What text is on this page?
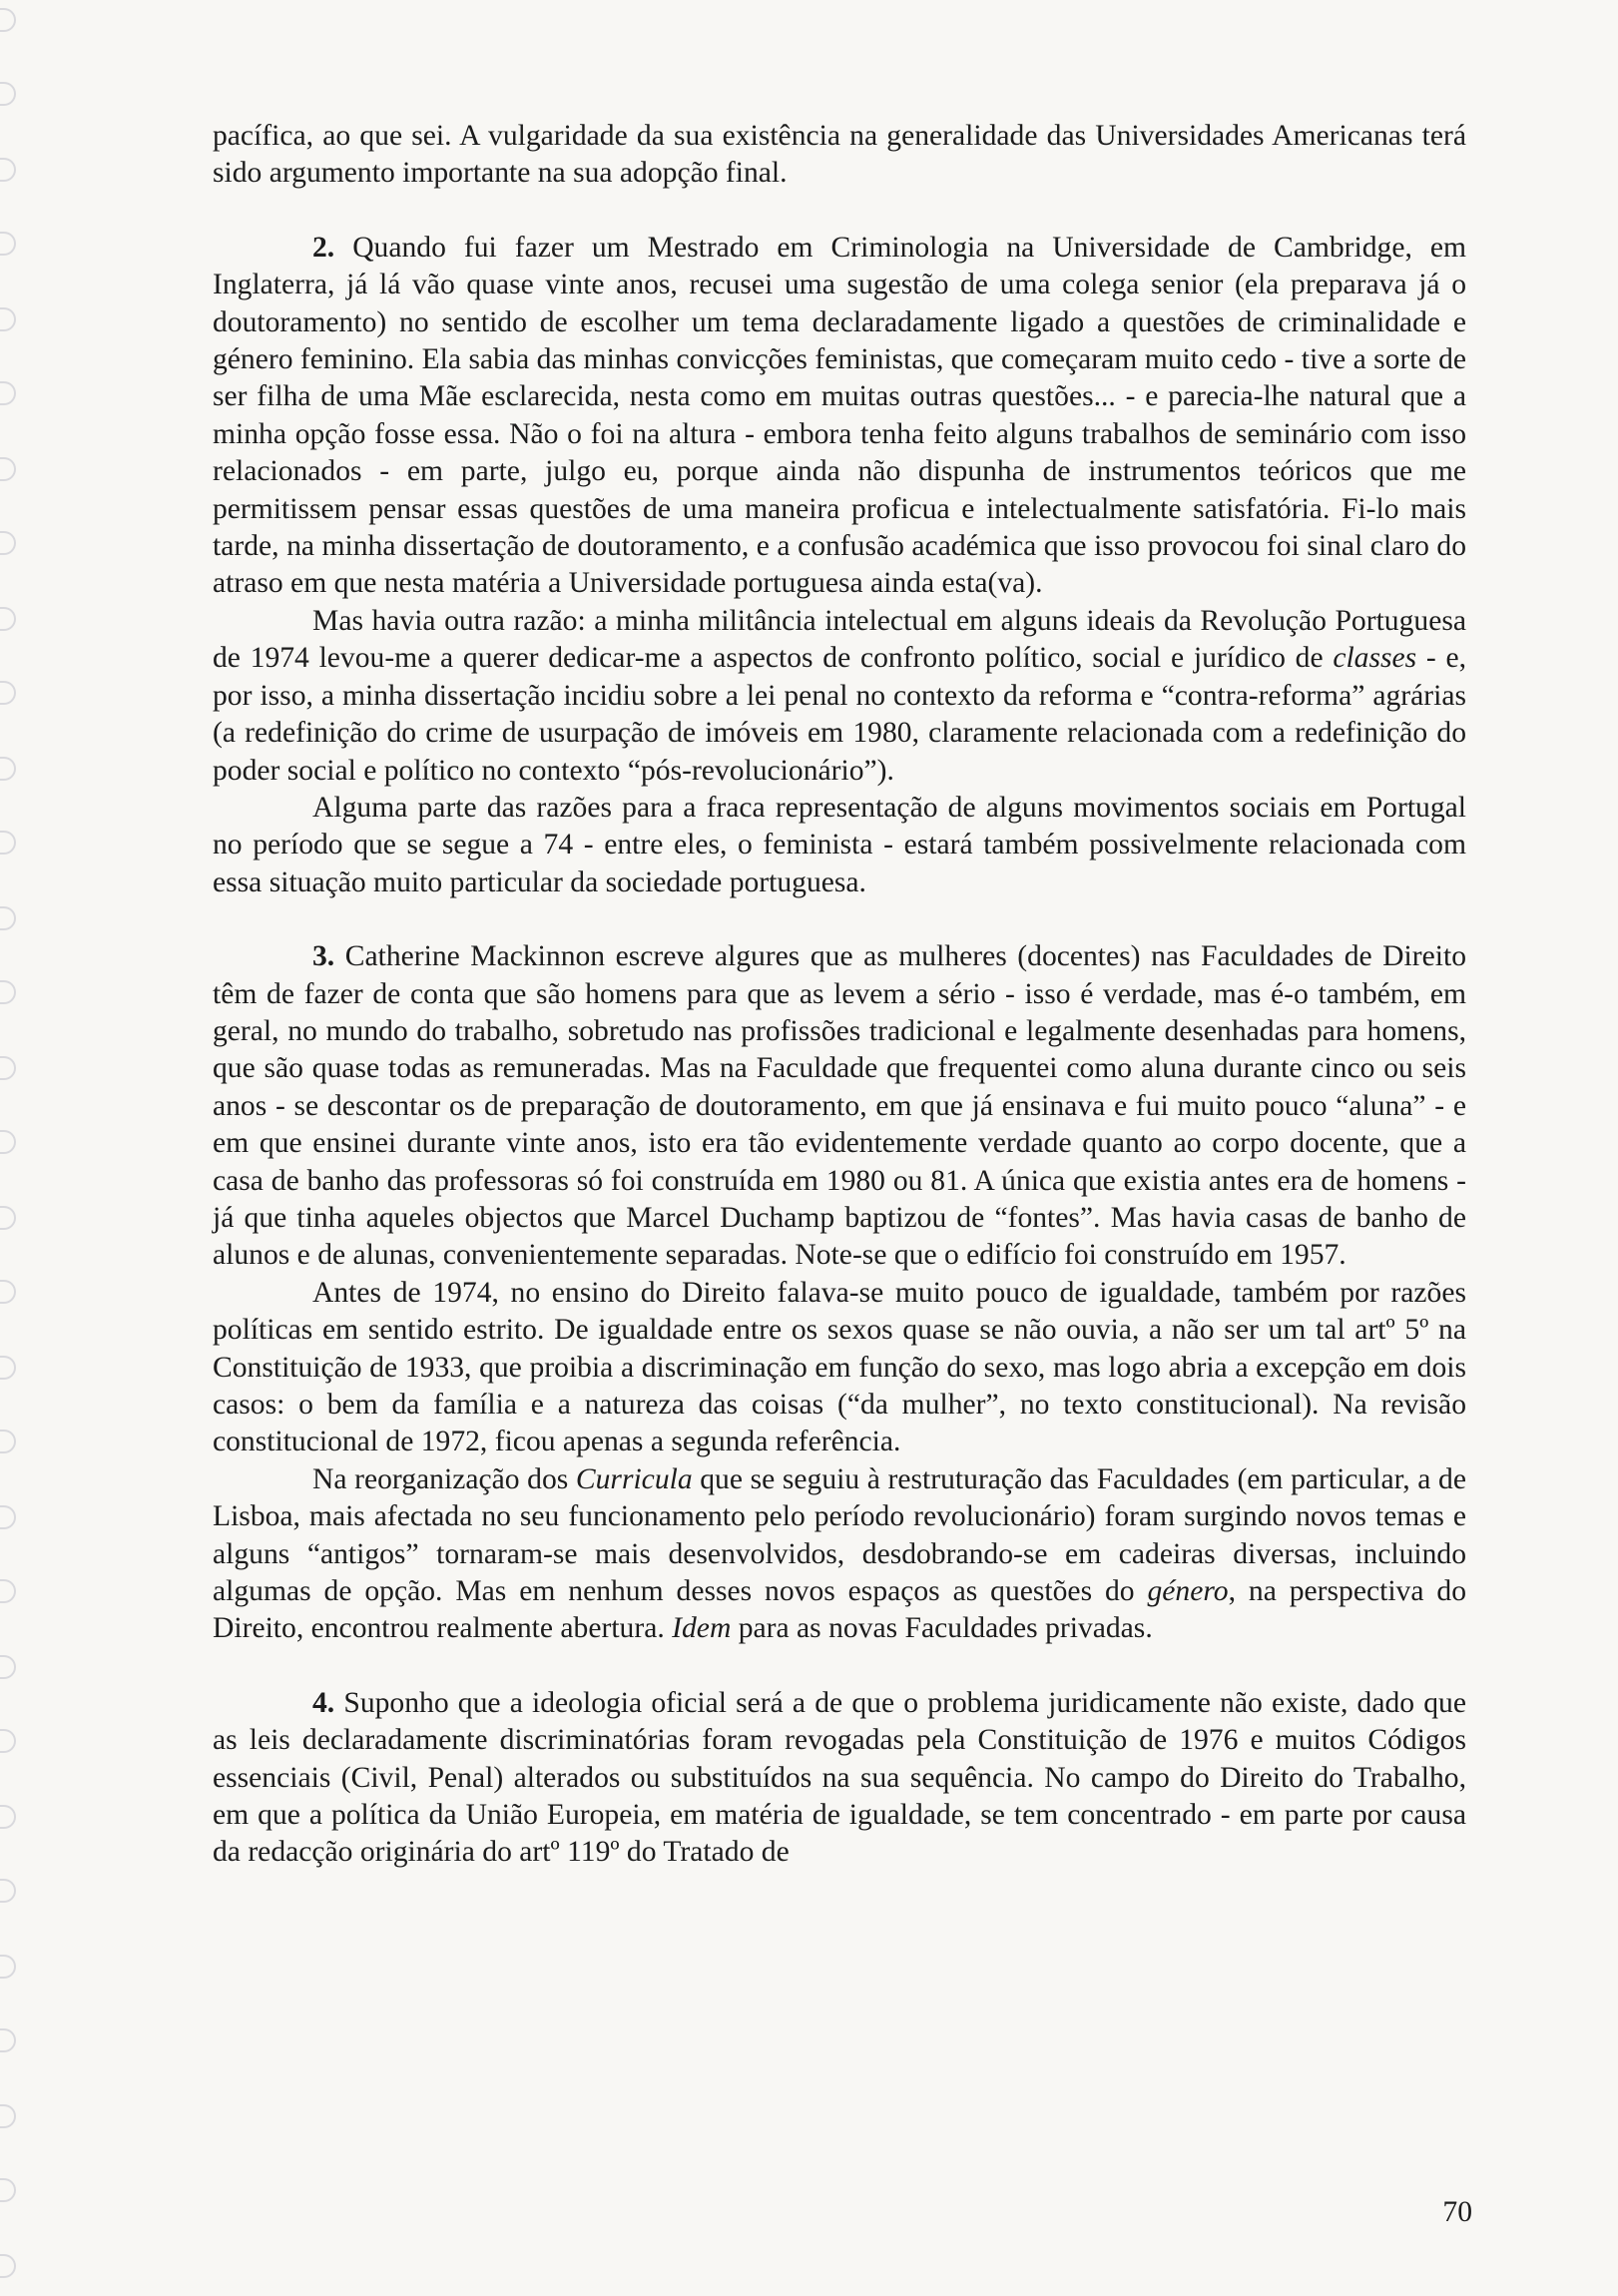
pacífica, ao que sei. A vulgaridade da sua existência na generalidade das Universidades Americanas terá sido argumento importante na sua adopção final.

2. Quando fui fazer um Mestrado em Criminologia na Universidade de Cambridge, em Inglaterra, já lá vão quase vinte anos, recusei uma sugestão de uma colega senior (ela preparava já o doutoramento) no sentido de escolher um tema declaradamente ligado a questões de criminalidade e género feminino. Ela sabia das minhas convicções feministas, que começaram muito cedo - tive a sorte de ser filha de uma Mãe esclarecida, nesta como em muitas outras questões... - e parecia-lhe natural que a minha opção fosse essa. Não o foi na altura - embora tenha feito alguns trabalhos de seminário com isso relacionados - em parte, julgo eu, porque ainda não dispunha de instrumentos teóricos que me permitissem pensar essas questões de uma maneira proficua e intelectualmente satisfatória. Fi-lo mais tarde, na minha dissertação de doutoramento, e a confusão académica que isso provocou foi sinal claro do atraso em que nesta matéria a Universidade portuguesa ainda esta(va).

Mas havia outra razão: a minha militância intelectual em alguns ideais da Revolução Portuguesa de 1974 levou-me a querer dedicar-me a aspectos de confronto político, social e jurídico de classes - e, por isso, a minha dissertação incidiu sobre a lei penal no contexto da reforma e “contra-reforma” agrárias (a redefinição do crime de usurpação de imóveis em 1980, claramente relacionada com a redefinição do poder social e político no contexto “pós-revolucionário”).

Alguma parte das razões para a fraca representação de alguns movimentos sociais em Portugal no período que se segue a 74 - entre eles, o feminista - estará também possivelmente relacionada com essa situação muito particular da sociedade portuguesa.

3. Catherine Mackinnon escreve algures que as mulheres (docentes) nas Faculdades de Direito têm de fazer de conta que são homens para que as levem a sério - isso é verdade, mas é-o também, em geral, no mundo do trabalho, sobretudo nas profissões tradicional e legalmente desenhadas para homens, que são quase todas as remuneradas. Mas na Faculdade que frequentei como aluna durante cinco ou seis anos - se descontar os de preparação de doutoramento, em que já ensinava e fui muito pouco “aluna” - e em que ensinei durante vinte anos, isto era tão evidentemente verdade quanto ao corpo docente, que a casa de banho das professoras só foi construída em 1980 ou 81. A única que existia antes era de homens - já que tinha aqueles objectos que Marcel Duchamp baptizou de “fontes”. Mas havia casas de banho de alunos e de alunas, convenientemente separadas. Note-se que o edifício foi construído em 1957.

Antes de 1974, no ensino do Direito falava-se muito pouco de igualdade, também por razões políticas em sentido estrito. De igualdade entre os sexos quase se não ouvia, a não ser um tal artº 5º na Constituição de 1933, que proibia a discriminação em função do sexo, mas logo abria a excepção em dois casos: o bem da família e a natureza das coisas (“da mulher”, no texto constitucional). Na revisão constitucional de 1972, ficou apenas a segunda referência.

Na reorganização dos Curricula que se seguiu à restruturação das Faculdades (em particular, a de Lisboa, mais afectada no seu funcionamento pelo período revolucionário) foram surgindo novos temas e alguns “antigos” tornaram-se mais desenvolvidos, desdobrando-se em cadeiras diversas, incluindo algumas de opção. Mas em nenhum desses novos espaços as questões do género, na perspectiva do Direito, encontrou realmente abertura. Idem para as novas Faculdades privadas.

4. Suponho que a ideologia oficial será a de que o problema juridicamente não existe, dado que as leis declaradamente discriminatórias foram revogadas pela Constituição de 1976 e muitos Códigos essenciais (Civil, Penal) alterados ou substituídos na sua sequência. No campo do Direito do Trabalho, em que a política da União Europeia, em matéria de igualdade, se tem concentrado - em parte por causa da redacção originária do artº 119º do Tratado de

70
